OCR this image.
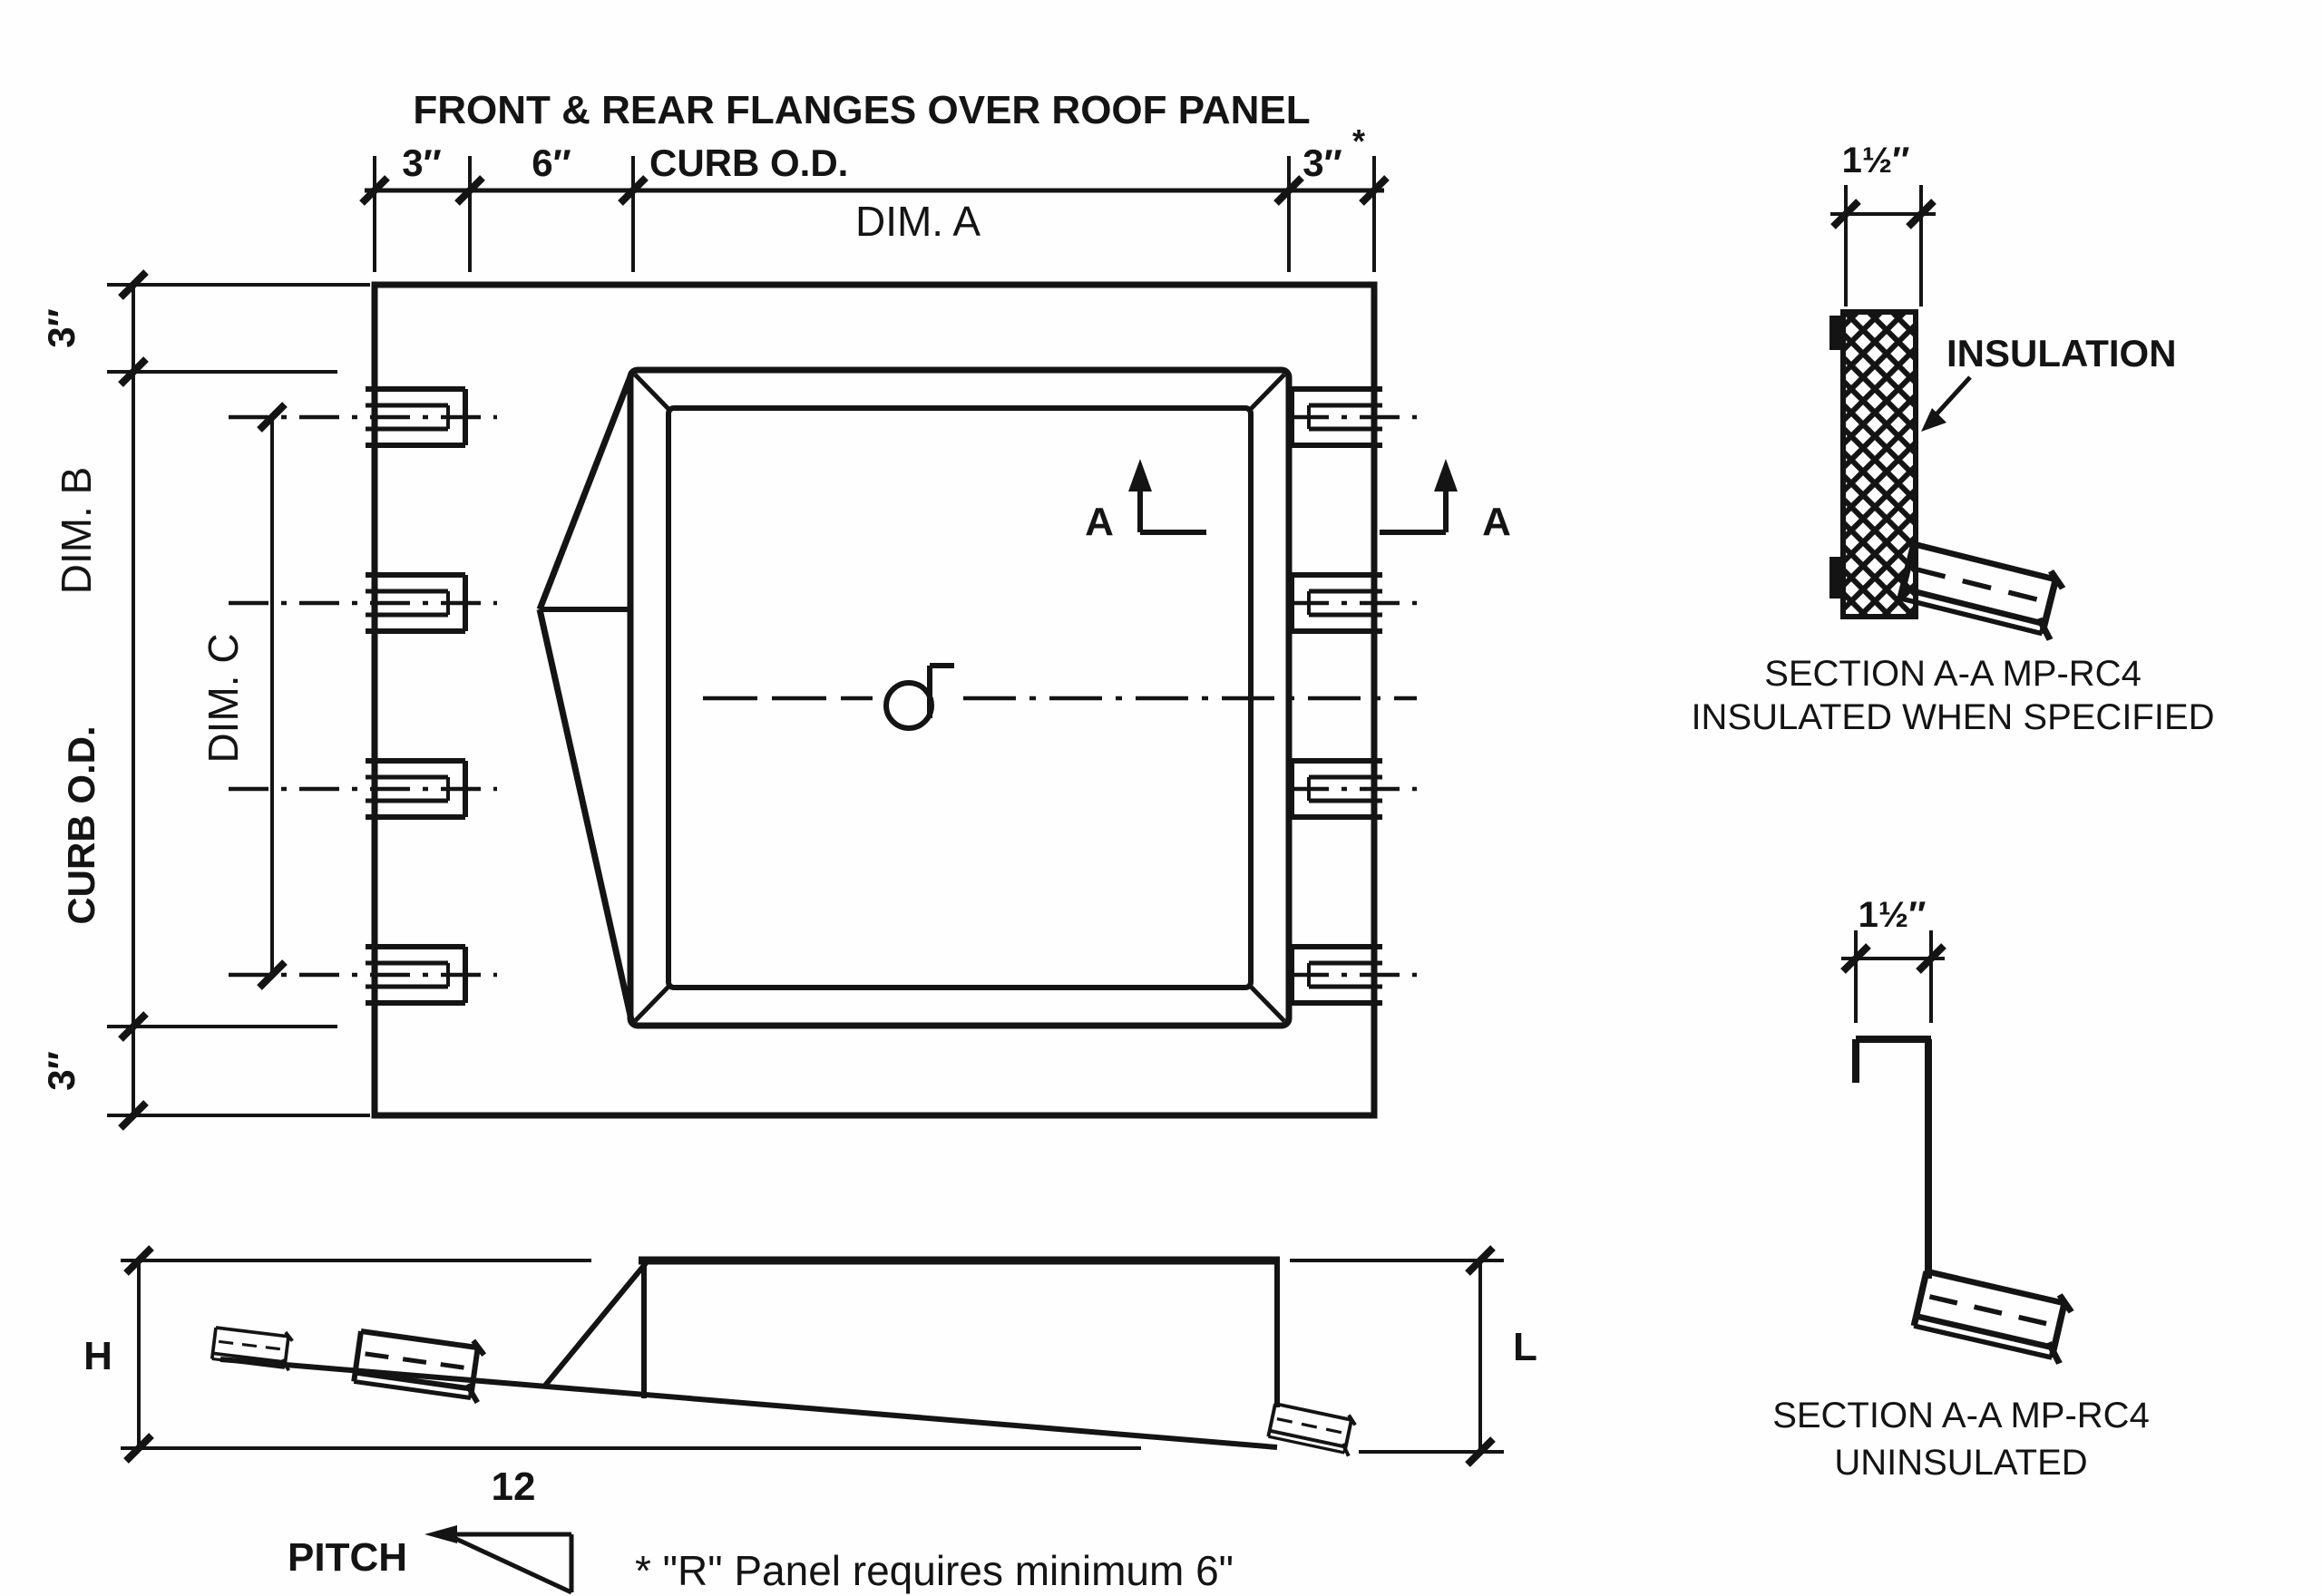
FRONT & REAR FLANGES OVER ROOF PANEL
3″ 6″ CURB O.D.	3″
*
DIM. A
3″
DIM. B
DIM. C
CURB O.D.
3″
A	A
H	L
12
PITCH	* "R" Panel requires minimum 6"
1½″
INSULATION
SECTION A-A MP-RC4
INSULATED WHEN SPECIFIED
1½″
SECTION A-A MP-RC4
UNINSULATED
